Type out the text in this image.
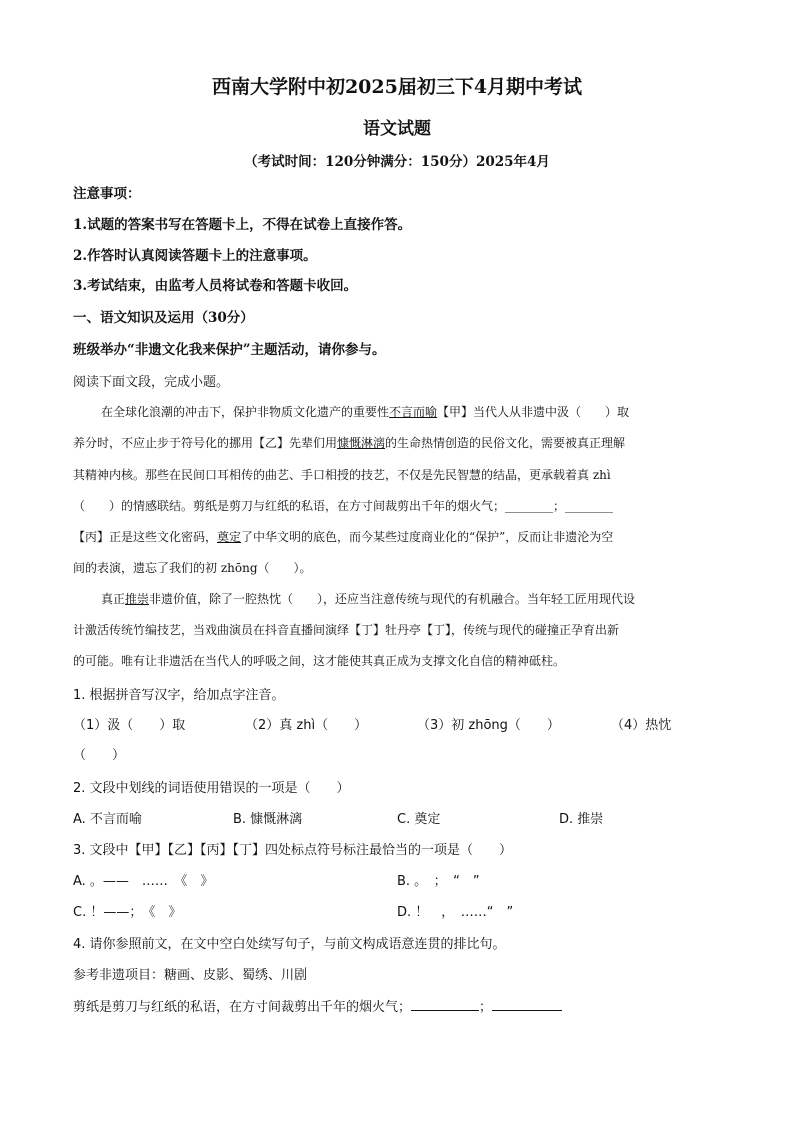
西南大学附中初2025届初三下4月期中考试
语文试题
（考试时间：120分钟满分：150分）2025年4月
注意事项：
1.试题的答案书写在答题卡上，不得在试卷上直接作答。
2.作答时认真阅读答题卡上的注意事项。
3.考试结束，由监考人员将试卷和答题卡收回。
一、语文知识及运用（30分）
班级举办“非遗文化我来保护”主题活动，请你参与。
阅读下面文段，完成小题。
在全球化浪潮的冲击下，保护非物质文化遗产的重要性不言而喻【甲】当代人从非遗中汲（　　）取
养分时，不应止步于符号化的挪用【乙】先辈们用慷慨淋漓的生命热情创造的民俗文化，需要被真正理解
其精神内核。那些在民间口耳相传的曲艺、手口相授的技艺，不仅是先民智慧的结晶，更承载着真 zhì
（　　）的情感联结。剪纸是剪刀与红纸的私语，在方寸间裁剪出千年的烟火气；________；________
【丙】正是这些文化密码，奠定了中华文明的底色，而今某些过度商业化的“保护”，反而让非遗沦为空
间的表演，遗忘了我们的初 zhōng（　　）。
真正推崇非遗价值，除了一腔热忱（　　），还应当注意传统与现代的有机融合。当年轻工匠用现代设
计激活传统竹编技艺，当戏曲演员在抖音直播间演绎【丁】牡丹亭【丁】，传统与现代的碰撞正孕育出新
的可能。唯有让非遗活在当代人的呼吸之间，这才能使其真正成为支撑文化自信的精神砥柱。
1. 根据拼音写汉字，给加点字注音。
（1）汲（　　）取	（2）真 zhì（　　）	（3）初 zhōng（　　）	（4）热忱
（　　）
2. 文段中划线的词语使用错误的一项是（　　）
A. 不言而喻	B. 慷慨淋漓	C. 奠定	D. 推崇
3. 文段中【甲】【乙】【丙】【丁】四处标点符号标注最恰当的一项是（　　）
A. 。——　……　《　》	B. 。　；　“　”
C. ！——；　《　》	D. ！　，　……“　”
4. 请你参照前文，在文中空白处续写句子，与前文构成语意连贯的排比句。
参考非遗项目：糖画、皮影、蜀绣、川剧
剪纸是剪刀与红纸的私语，在方寸间裁剪出千年的烟火气；	；
